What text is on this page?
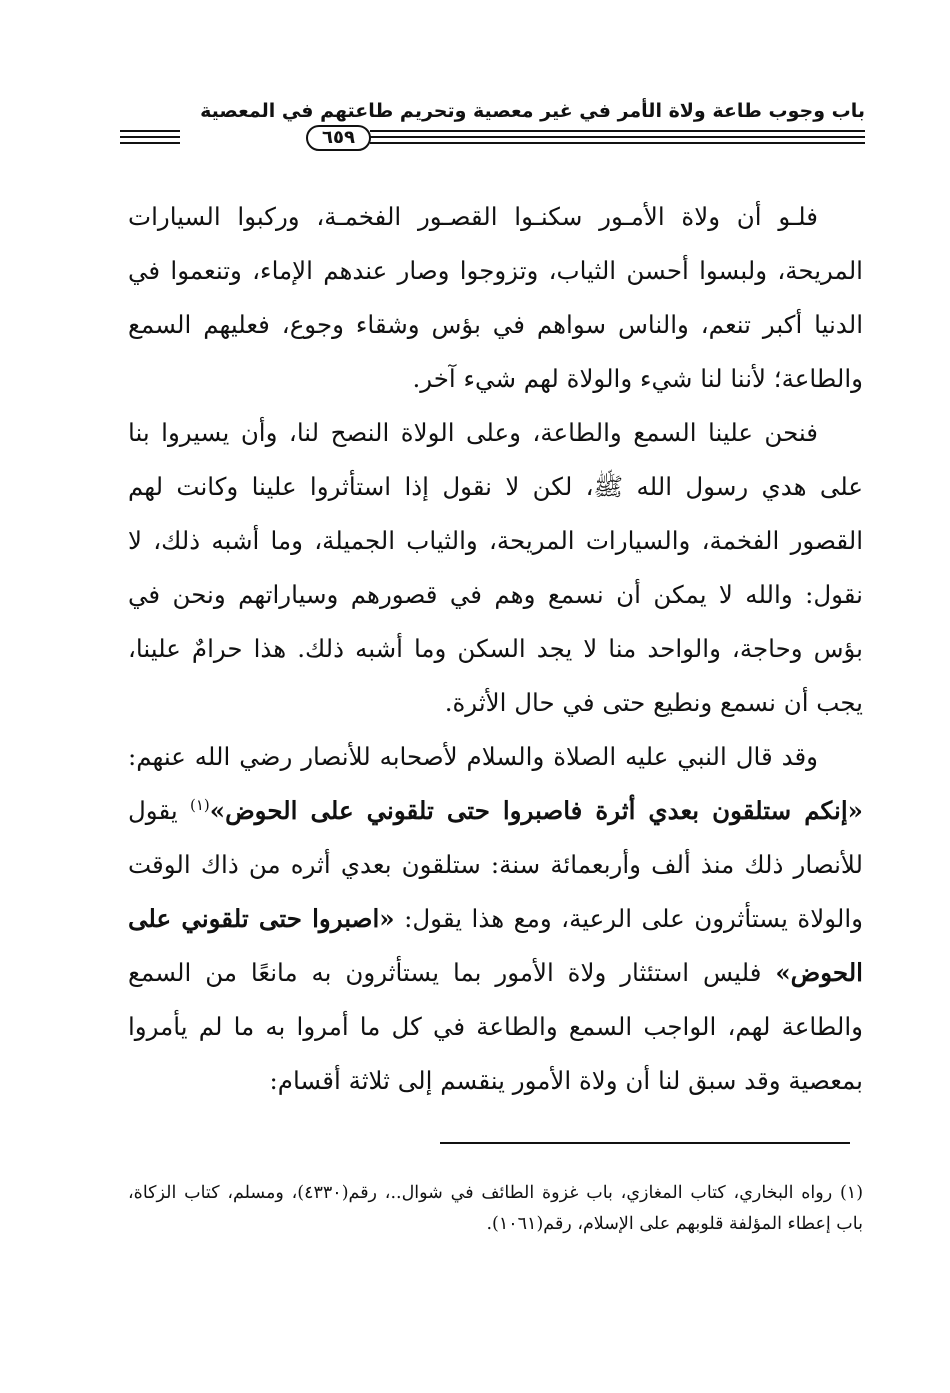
باب وجوب طاعة ولاة الأمر في غير معصية وتحريم طاعتهم في المعصية
٦٥٩

فلـو أن ولاة الأمـور سكنـوا القصـور الفخمـة، وركبوا السيارات المريحة، ولبسوا أحسن الثياب، وتزوجوا وصار عندهم الإماء، وتنعموا في الدنيا أكبر تنعم، والناس سواهم في بؤس وشقاء وجوع، فعليهم السمع والطاعة؛ لأننا لنا شيء والولاة لهم شيء آخر.

فنحن علينا السمع والطاعة، وعلى الولاة النصح لنا، وأن يسيروا بنا على هدي رسول الله ﷺ، لكن لا نقول إذا استأثروا علينا وكانت لهم القصور الفخمة، والسيارات المريحة، والثياب الجميلة، وما أشبه ذلك، لا نقول: والله لا يمكن أن نسمع وهم في قصورهم وسياراتهم ونحن في بؤس وحاجة، والواحد منا لا يجد السكن وما أشبه ذلك. هذا حرامٌ علينا، يجب أن نسمع ونطيع حتى في حال الأثرة.

وقد قال النبي عليه الصلاة والسلام لأصحابه للأنصار رضي الله عنهم: «إنكم ستلقون بعدي أثرة فاصبروا حتى تلقوني على الحوض»$^{(١)}$ يقول للأنصار ذلك منذ ألف وأربعمائة سنة: ستلقون بعدي أثره من ذاك الوقت والولاة يستأثرون على الرعية، ومع هذا يقول: «اصبروا حتى تلقوني على الحوض» فليس استئثار ولاة الأمور بما يستأثرون به مانعًا من السمع والطاعة لهم، الواجب السمع والطاعة في كل ما أمروا به ما لم يأمروا بمعصية وقد سبق لنا أن ولاة الأمور ينقسم إلى ثلاثة أقسام:

(١) رواه البخاري، كتاب المغازي، باب غزوة الطائف في شوال..، رقم(٤٣٣٠)، ومسلم، كتاب الزكاة، باب إعطاء المؤلفة قلوبهم على الإسلام، رقم(١٠٦١).
